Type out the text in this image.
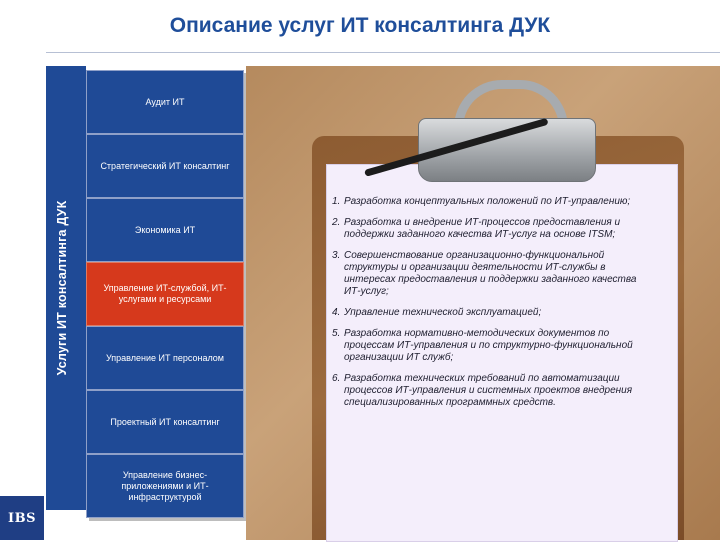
Описание услуг ИТ консалтинга ДУК
Услуги ИТ консалтинга ДУК
Аудит ИТ
Стратегический ИТ консалтинг
Экономика ИТ
Управление ИТ-службой, ИТ-услугами и ресурсами
Управление ИТ персоналом
Проектный ИТ консалтинг
Управление бизнес-приложениями и ИТ-инфраструктурой
1. Разработка концептуальных положений по ИТ-управлению;
2. Разработка и внедрение ИТ-процессов предоставления и поддержки заданного качества ИТ-услуг на основе ITSM;
3. Совершенствование организационно-функциональной структуры и организации деятельности ИТ-службы в интересах предоставления и поддержки заданного качества ИТ-услуг;
4. Управление технической эксплуатацией;
5. Разработка нормативно-методических документов по процессам ИТ-управления и по структурно-функциональной организации ИТ служб;
6. Разработка технических требований по автоматизации процессов ИТ-управления и системных проектов внедрения специализированных программных средств.
IBS
